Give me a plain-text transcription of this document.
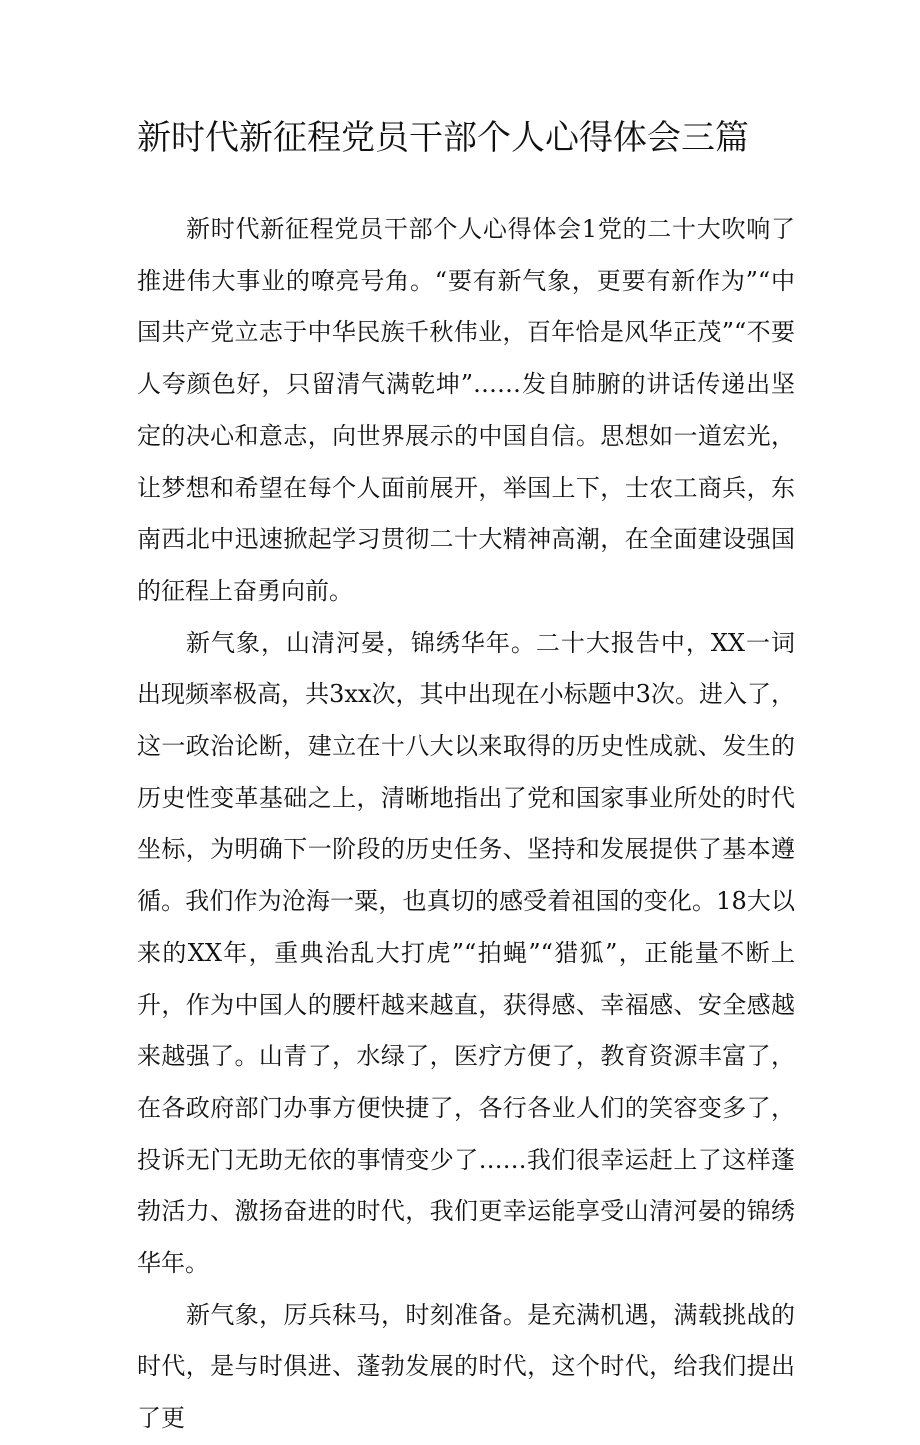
新时代新征程党员干部个人心得体会三篇

新时代新征程党员干部个人心得体会1党的二十大吹响了推进伟大事业的嘹亮号角。“要有新气象，更要有新作为”“中国共产党立志于中华民族千秋伟业，百年恰是风华正茂”“不要人夸颜色好，只留清气满乾坤”……发自肺腑的讲话传递出坚定的决心和意志，向世界展示的中国自信。思想如一道宏光，让梦想和希望在每个人面前展开，举国上下，士农工商兵，东南西北中迅速掀起学习贯彻二十大精神高潮，在全面建设强国的征程上奋勇向前。

新气象，山清河晏，锦绣华年。二十大报告中，XX一词出现频率极高，共3xx次，其中出现在小标题中3次。进入了，这一政治论断，建立在十八大以来取得的历史性成就、发生的历史性变革基础之上，清晰地指出了党和国家事业所处的时代坐标，为明确下一阶段的历史任务、坚持和发展提供了基本遵循。我们作为沧海一粟，也真切的感受着祖国的变化。18大以来的XX年，重典治乱大打虎”“拍蝇”“猎狐”，正能量不断上升，作为中国人的腰杆越来越直，获得感、幸福感、安全感越来越强了。山青了，水绿了，医疗方便了，教育资源丰富了，在各政府部门办事方便快捷了，各行各业人们的笑容变多了，投诉无门无助无依的事情变少了……我们很幸运赶上了这样蓬勃活力、激扬奋进的时代，我们更幸运能享受山清河晏的锦绣华年。

新气象，厉兵秣马，时刻准备。是充满机遇，满载挑战的时代，是与时俱进、蓬勃发展的时代，这个时代，给我们提出了更
